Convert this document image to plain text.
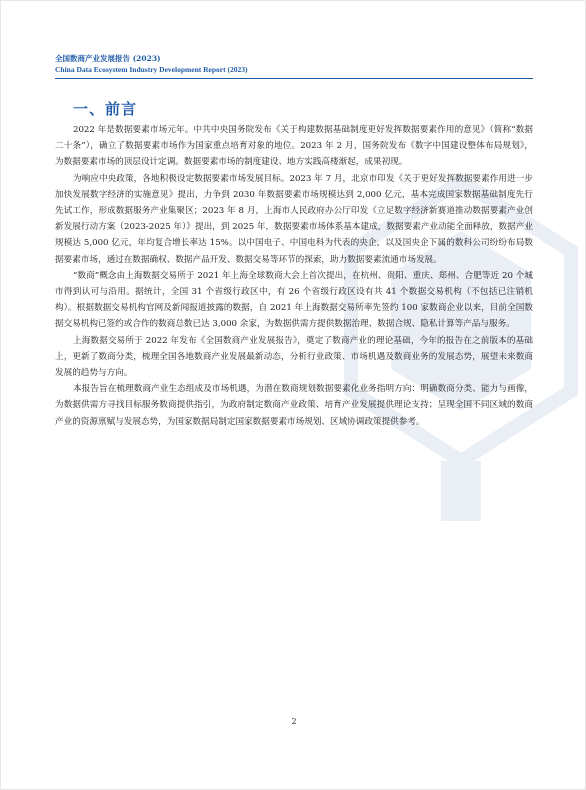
全国数商产业发展报告 (2023)
China Data Ecosystem Industry Development Report (2023)
一、前言

2022 年是数据要素市场元年。中共中央国务院发布《关于构建数据基础制度更好发挥数据要素作用的意见》（简称“数据二十条”），确立了数据要素市场作为国家重点培育对象的地位。2023 年 2 月，国务院发布《数字中国建设整体布局规划》，为数据要素市场的顶层设计定调。数据要素市场的制度建设、地方实践高楼渐起，成果初现。

为响应中央政策，各地积极设定数据要素市场发展目标。2023 年 7 月，北京市印发《关于更好发挥数据要素作用进一步加快发展数字经济的实施意见》提出，力争到 2030 年数据要素市场规模达到 2,000 亿元，基本完成国家数据基础制度先行先试工作，形成数据服务产业集聚区；2023 年 8 月，上海市人民政府办公厅印发《立足数字经济新赛道推动数据要素产业创新发展行动方案（2023-2025 年）》提出，到 2025 年，数据要素市场体系基本建成，数据要素产业动能全面释放，数据产业规模达 5,000 亿元，年均复合增长率达 15%。以中国电子、中国电科为代表的央企，以及国央企下属的数科公司纷纷布局数据要素市场，通过在数据确权、数据产品开发、数据交易等环节的探索，助力数据要素流通市场发展。

“数商”概念由上海数据交易所于 2021 年上海全球数商大会上首次提出，在杭州、贵阳、重庆、郑州、合肥等近 20 个城市得到认可与沿用。据统计，全国 31 个省级行政区中，有 26 个省级行政区设有共 41 个数据交易机构（不包括已注销机构）。根据数据交易机构官网及新闻报道披露的数据，自 2021 年上海数据交易所率先签约 100 家数商企业以来，目前全国数据交易机构已签约或合作的数商总数已达 3,000 余家，为数据供需方提供数据治理、数据合规、隐私计算等产品与服务。

上海数据交易所于 2022 年发布《全国数商产业发展报告》，奠定了数商产业的理论基础，今年的报告在之前版本的基础上，更新了数商分类，梳理全国各地数商产业发展最新动态，分析行业政策、市场机遇及数商业务的发展态势，展望未来数商发展的趋势与方向。

本报告旨在梳理数商产业生态组成及市场机遇，为潜在数商规划数据要素化业务指明方向：明确数商分类、能力与画像，为数据供需方寻找目标服务数商提供指引，为政府制定数商产业政策、培育产业发展提供理论支持；呈现全国不同区域的数商产业的资源禀赋与发展态势，为国家数据局制定国家数据要素市场规划、区域协调政策提供参考。

2
